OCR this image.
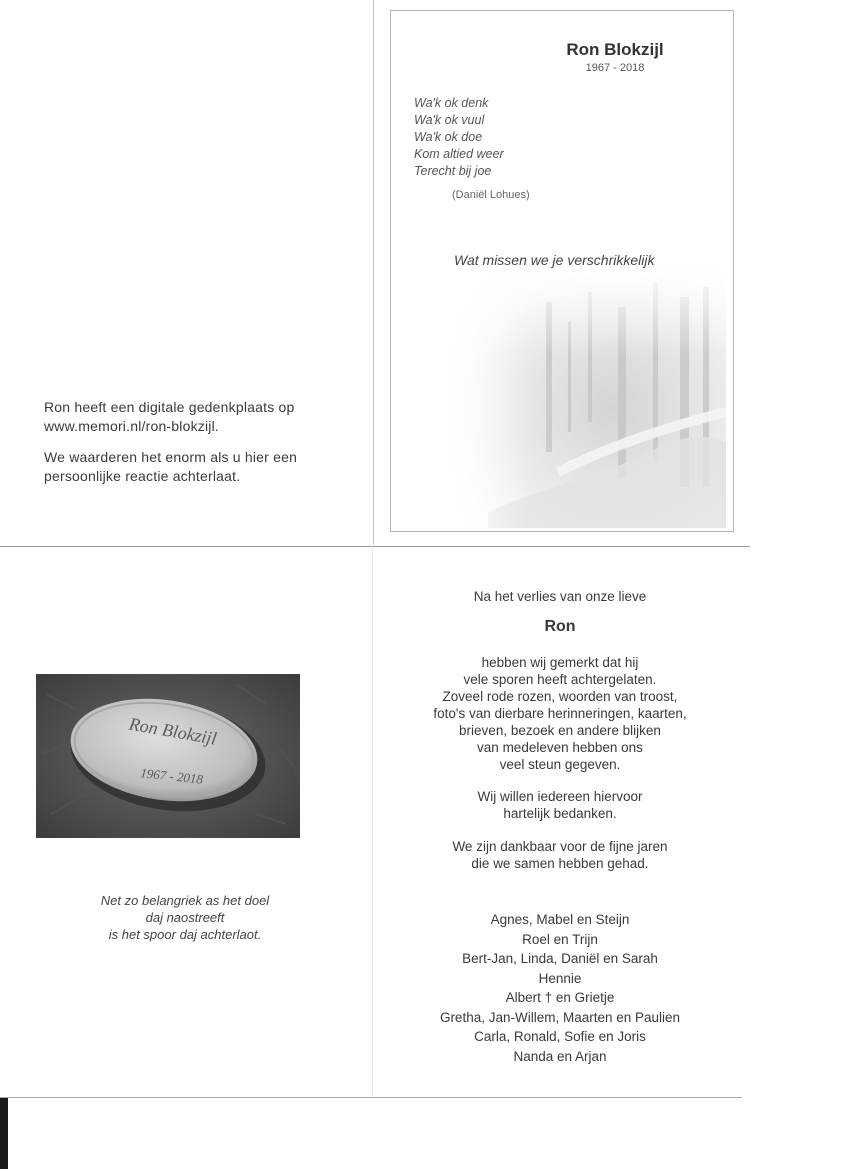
Ron heeft een digitale gedenkplaats op
www.memori.nl/ron-blokzijl.
We waarderen het enorm als u hier een
persoonlijke reactie achterlaat.
Ron Blokzijl
1967 - 2018
Wa'k ok denk
Wa'k ok vuul
Wa'k ok doe
Kom altied weer
Terecht bij joe
(Daniël Lohues)
Wat missen we je verschrikkelijk
Ron Blokzijl
1967 - 2018
Net zo belangriek as het doel
daj naostreeft
is het spoor daj achterlaot.
Na het verlies van onze lieve
Ron
hebben wij gemerkt dat hij
vele sporen heeft achtergelaten.
Zoveel rode rozen, woorden van troost,
foto's van dierbare herinneringen, kaarten,
brieven, bezoek en andere blijken
van medeleven hebben ons
veel steun gegeven.
Wij willen iedereen hiervoor
hartelijk bedanken.
We zijn dankbaar voor de fijne jaren
die we samen hebben gehad.
Agnes, Mabel en Steijn
Roel en Trijn
Bert-Jan, Linda, Daniël en Sarah
Hennie
Albert † en Grietje
Gretha, Jan-Willem, Maarten en Paulien
Carla, Ronald, Sofie en Joris
Nanda en Arjan
